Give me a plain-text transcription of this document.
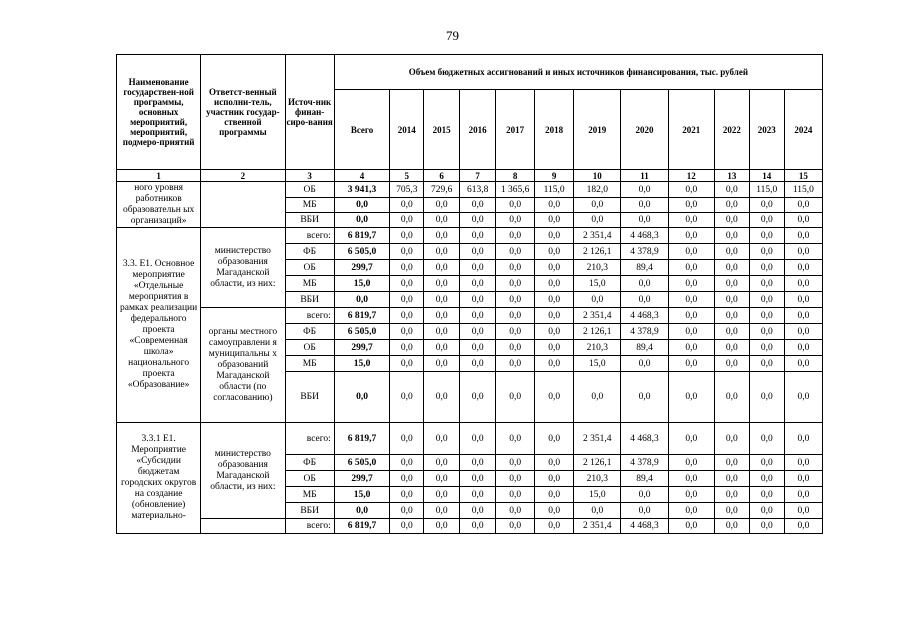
79
Наименование государствен-ной программы, основных мероприятий, мероприятий, подмеро-приятий	Ответст-венный исполни-тель, участник государ-ственной программы	Источ-ник финан-сиро-вания	Объем бюджетных ассигнований и иных источников финансирования, тыс. рублей											
			Всего	2014	2015	2016	2017	2018	2019	2020	2021	2022	2023	2024
1	2	3	4	5	6	7	8	9	10	11	12	13	14	15
ного уровня работников образовательн ых организаций»		ОБ	3 941,3	705,3	729,6	613,8	1 365,6	115,0	182,0	0,0	0,0	0,0	115,0	115,0
		МБ	0,0	0,0	0,0	0,0	0,0	0,0	0,0	0,0	0,0	0,0	0,0	0,0
		ВБИ	0,0	0,0	0,0	0,0	0,0	0,0	0,0	0,0	0,0	0,0	0,0	0,0
3.3. Е1. Основное мероприятие «Отдельные мероприятия в рамках реализации федерального проекта «Современная школа» национального проекта «Образование»	министерство образования Магаданской области, из них:	всего:	6 819,7	0,0	0,0	0,0	0,0	0,0	2 351,4	4 468,3	0,0	0,0	0,0	0,0
		ФБ	6 505,0	0,0	0,0	0,0	0,0	0,0	2 126,1	4 378,9	0,0	0,0	0,0	0,0
		ОБ	299,7	0,0	0,0	0,0	0,0	0,0	210,3	89,4	0,0	0,0	0,0	0,0
		МБ	15,0	0,0	0,0	0,0	0,0	0,0	15,0	0,0	0,0	0,0	0,0	0,0
		ВБИ	0,0	0,0	0,0	0,0	0,0	0,0	0,0	0,0	0,0	0,0	0,0	0,0
	органы местного самоуправлени я муниципальны х образований Магаданской области (по согласованию)	всего:	6 819,7	0,0	0,0	0,0	0,0	0,0	2 351,4	4 468,3	0,0	0,0	0,0	0,0
		ФБ	6 505,0	0,0	0,0	0,0	0,0	0,0	2 126,1	4 378,9	0,0	0,0	0,0	0,0
		ОБ	299,7	0,0	0,0	0,0	0,0	0,0	210,3	89,4	0,0	0,0	0,0	0,0
		МБ	15,0	0,0	0,0	0,0	0,0	0,0	15,0	0,0	0,0	0,0	0,0	0,0
		ВБИ	0,0	0,0	0,0	0,0	0,0	0,0	0,0	0,0	0,0	0,0	0,0	0,0
3.3.1 Е1. Мероприятие «Субсидии бюджетам городских округов на создание (обновление) материально-	министерство образования Магаданской области, из них:	всего:	6 819,7	0,0	0,0	0,0	0,0	0,0	2 351,4	4 468,3	0,0	0,0	0,0	0,0
		ФБ	6 505,0	0,0	0,0	0,0	0,0	0,0	2 126,1	4 378,9	0,0	0,0	0,0	0,0
		ОБ	299,7	0,0	0,0	0,0	0,0	0,0	210,3	89,4	0,0	0,0	0,0	0,0
		МБ	15,0	0,0	0,0	0,0	0,0	0,0	15,0	0,0	0,0	0,0	0,0	0,0
		ВБИ	0,0	0,0	0,0	0,0	0,0	0,0	0,0	0,0	0,0	0,0	0,0	0,0
		всего:	6 819,7	0,0	0,0	0,0	0,0	0,0	2 351,4	4 468,3	0,0	0,0	0,0	0,0
